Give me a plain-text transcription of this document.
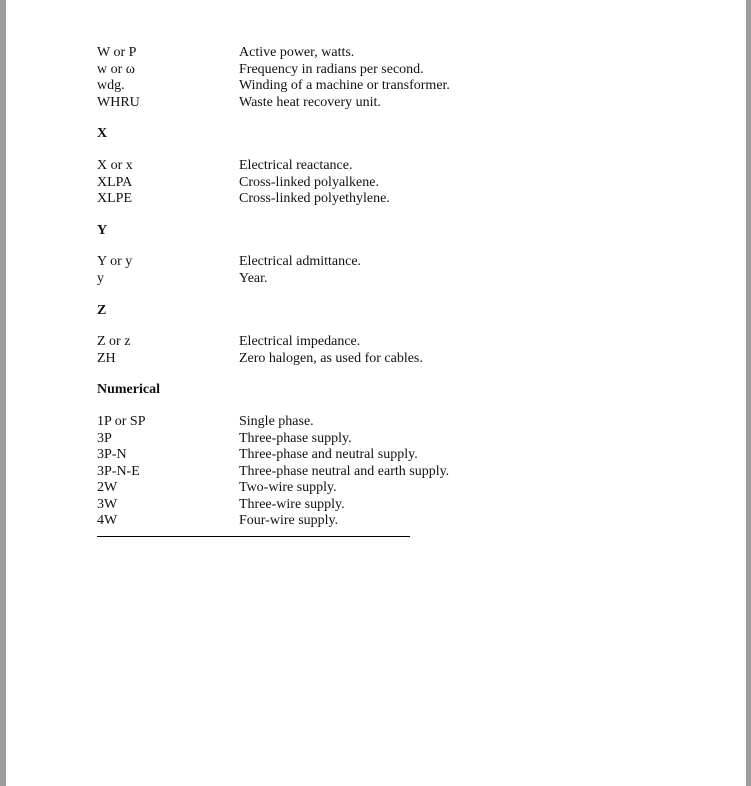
W or P	Active power, watts.
w or ω	Frequency in radians per second.
wdg.	Winding of a machine or transformer.
WHRU	Waste heat recovery unit.
X
X or x	Electrical reactance.
XLPA	Cross-linked polyalkene.
XLPE	Cross-linked polyethylene.
Y
Y or y	Electrical admittance.
y	Year.
Z
Z or z	Electrical impedance.
ZH	Zero halogen, as used for cables.
Numerical
1P or SP	Single phase.
3P	Three-phase supply.
3P-N	Three-phase and neutral supply.
3P-N-E	Three-phase neutral and earth supply.
2W	Two-wire supply.
3W	Three-wire supply.
4W	Four-wire supply.
